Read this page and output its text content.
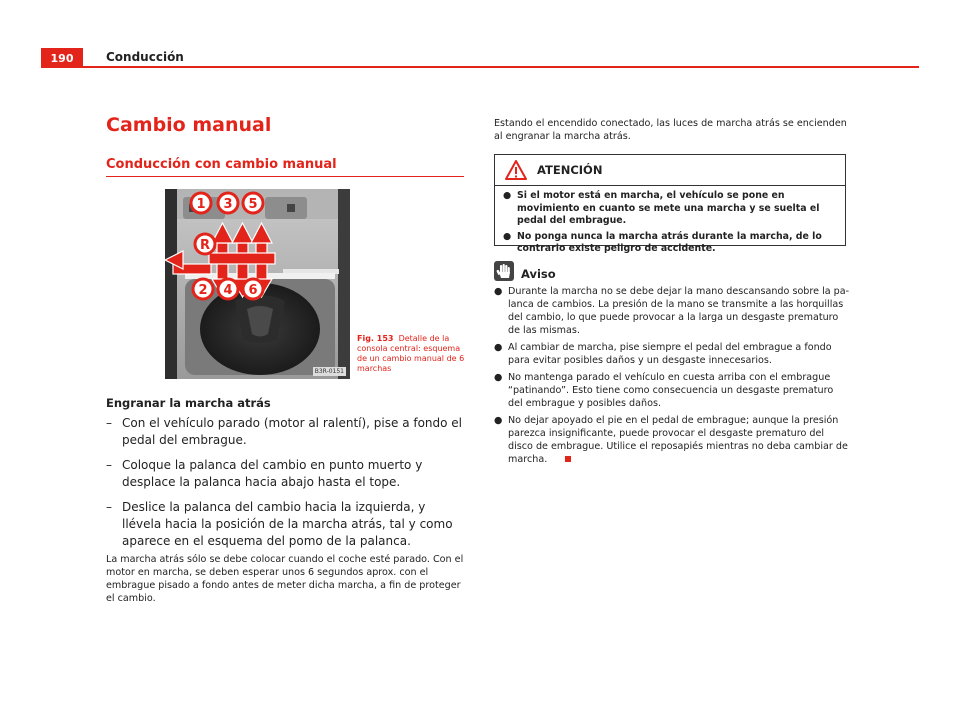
190	Conducción
Cambio manual
Conducción con cambio manual
R
1 3 5
2 4 6
B3R-0151
Fig. 153 Detalle de la consola central: esquema de un cambio manual de 6 marchas
Engranar la marcha atrás
– Con el vehículo parado (motor al ralentí), pise a fondo el pedal del embrague.
– Coloque la palanca del cambio en punto muerto y desplace la palanca hacia abajo hasta el tope.
– Deslice la palanca del cambio hacia la izquierda, y llévela hacia la posición de la marcha atrás, tal y como aparece en el esquema del pomo de la palanca.
La marcha atrás sólo se debe colocar cuando el coche esté parado. Con el motor en marcha, se deben esperar unos 6 segundos aprox. con el embrague pisado a fondo antes de meter dicha marcha, a fin de proteger el cambio.
Estando el encendido conectado, las luces de marcha atrás se encienden al engranar la marcha atrás.
ATENCIÓN
● Si el motor está en marcha, el vehículo se pone en movimiento en cuanto se mete una marcha y se suelta el pedal del embrague.
● No ponga nunca la marcha atrás durante la marcha, de lo contrario existe peligro de accidente.
Aviso
● Durante la marcha no se debe dejar la mano descansando sobre la palanca de cambios. La presión de la mano se transmite a las horquillas del cambio, lo que puede provocar a la larga un desgaste prematuro de las mismas.
● Al cambiar de marcha, pise siempre el pedal del embrague a fondo para evitar posibles daños y un desgaste innecesarios.
● No mantenga parado el vehículo en cuesta arriba con el embrague “patinando”. Esto tiene como consecuencia un desgaste prematuro del embrague y posibles daños.
● No dejar apoyado el pie en el pedal de embrague; aunque la presión parezca insignificante, puede provocar el desgaste prematuro del disco de embrague. Utilice el reposapiés mientras no deba cambiar de marcha.
